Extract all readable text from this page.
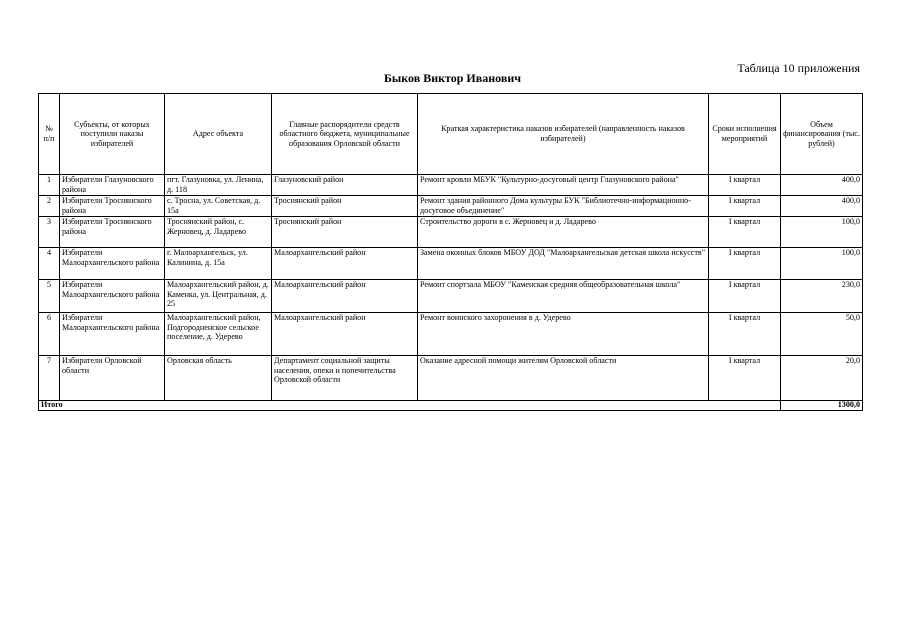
Таблица 10 приложения
Быков Виктор Иванович
№ п/п	Субъекты, от которых поступили наказы избирателей	Адрес объекта	Главные распорядители средств областного бюджета, муниципальные образования Орловской области	Краткая характеристика наказов избирателей (направленность наказов избирателей)	Сроки исполнения мероприятий	Объем финансирования (тыс. рублей)
1	Избиратели Глазуновского района	пгт. Глазуновка, ул. Ленина, д. 118	Глазуновский район	Ремонт кровли МБУК "Культурно-досуговый центр Глазуновского района"	I квартал	400,0
2	Избиратели Троснянского района	с. Тросна, ул. Советская, д. 15а	Троснянский район	Ремонт здания районного Дома культуры БУК "Библиотечно-информационно-досуговое объединение"	I квартал	400,0
3	Избиратели Троснянского района	Троснянский район, с. Жерновец, д. Ладарево	Троснянский район	Строительство дороги в с. Жерновец и д. Ладарево	I квартал	100,0
4	Избиратели Малоархангельского района	г. Малоархангельск, ул. Калинина, д. 15а	Малоархангельский район	Замена оконных блоков МБОУ ДОД "Малоархангельская детская школа искусств"	I квартал	100,0
5	Избиратели Малоархангельского района	Малоархангельский район, д. Каменка, ул. Центральная, д. 25	Малоархангельский район	Ремонт спортзала МБОУ "Каменская средняя общеобразовательная школа"	I квартал	230,0
6	Избиратели Малоархангельского района	Малоархангельский район, Подгородненское сельское поселение, д. Удерево	Малоархангельский район	Ремонт воинского захоронения в д. Удерево	I квартал	50,0
7	Избиратели Орловской области	Орловская область	Департамент социальной защиты населения, опеки и попечительства Орловской области	Оказание адресной помощи жителям Орловской области	I квартал	20,0
Итого						1300,0
